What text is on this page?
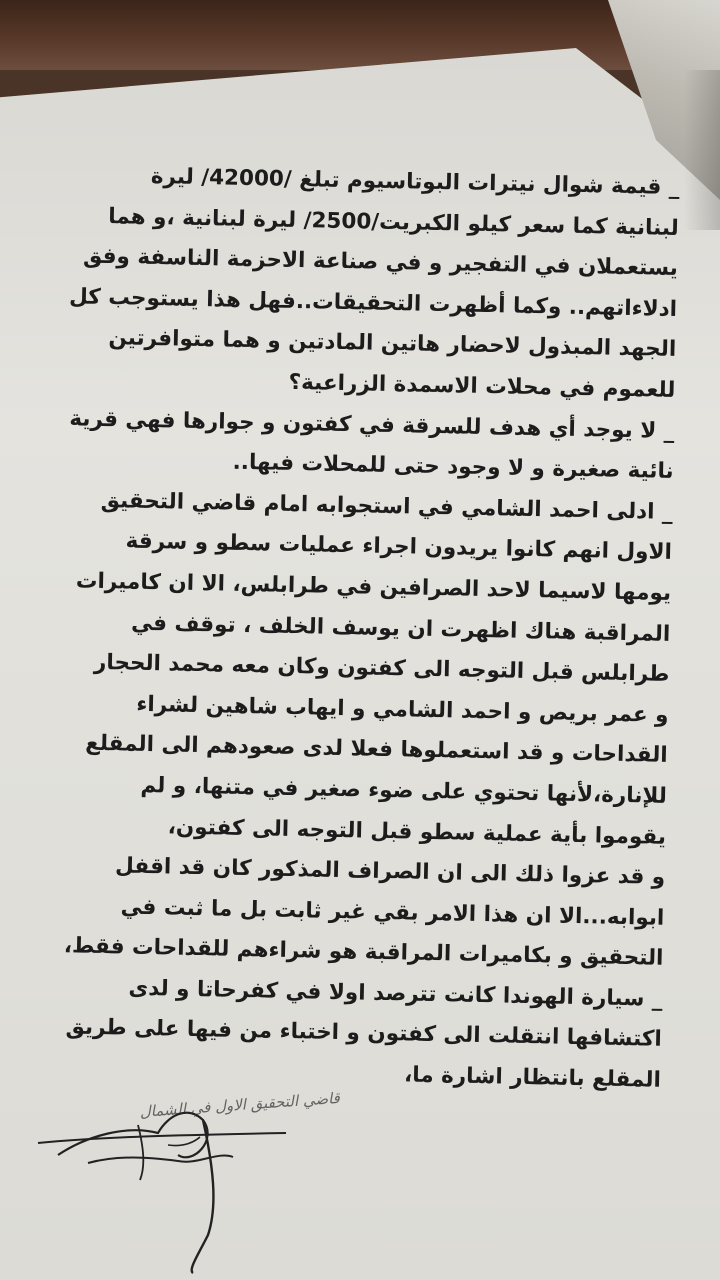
_ قيمة شوال نيترات البوتاسيوم تبلغ /42000/ ليرة
لبنانية كما سعر كيلو الكبريت/2500/ ليرة لبنانية ،و هما
يستعملان في التفجير و في صناعة الاحزمة الناسفة وفق
ادلاءاتهم.. وكما أظهرت التحقيقات..فهل هذا يستوجب كل
الجهد المبذول لاحضار هاتين المادتين و هما متوافرتين
للعموم في محلات الاسمدة الزراعية؟
_ لا يوجد أي هدف للسرقة في كفتون و جوارها فهي قرية
نائية صغيرة و لا وجود حتى للمحلات فيها..
_ ادلى احمد الشامي في استجوابه امام قاضي التحقيق
الاول انهم كانوا يريدون اجراء عمليات سطو و سرقة
يومها لاسيما لاحد الصرافين في طرابلس، الا ان كاميرات
المراقبة هناك اظهرت ان يوسف الخلف ، توقف في
طرابلس قبل التوجه الى كفتون وكان معه محمد الحجار
و عمر بريص و احمد الشامي و ايهاب شاهين لشراء
القداحات و قد استعملوها فعلا لدى صعودهم الى المقلع
للإنارة،لأنها تحتوي على ضوء صغير في متنها، و لم
يقوموا بأية عملية سطو قبل التوجه الى كفتون،
و قد عزوا ذلك الى ان الصراف المذكور كان قد اقفل
ابوابه...الا ان هذا الامر بقي غير ثابت بل ما ثبت في
التحقيق و بكاميرات المراقبة هو شراءهم للقداحات فقط،
_ سيارة الهوندا كانت تترصد اولا في كفرحاتا و لدى
اكتشافها انتقلت الى كفتون و اختباء من فيها على طريق
المقلع بانتظار اشارة ما،
قاضي التحقيق الاول في الشمال
